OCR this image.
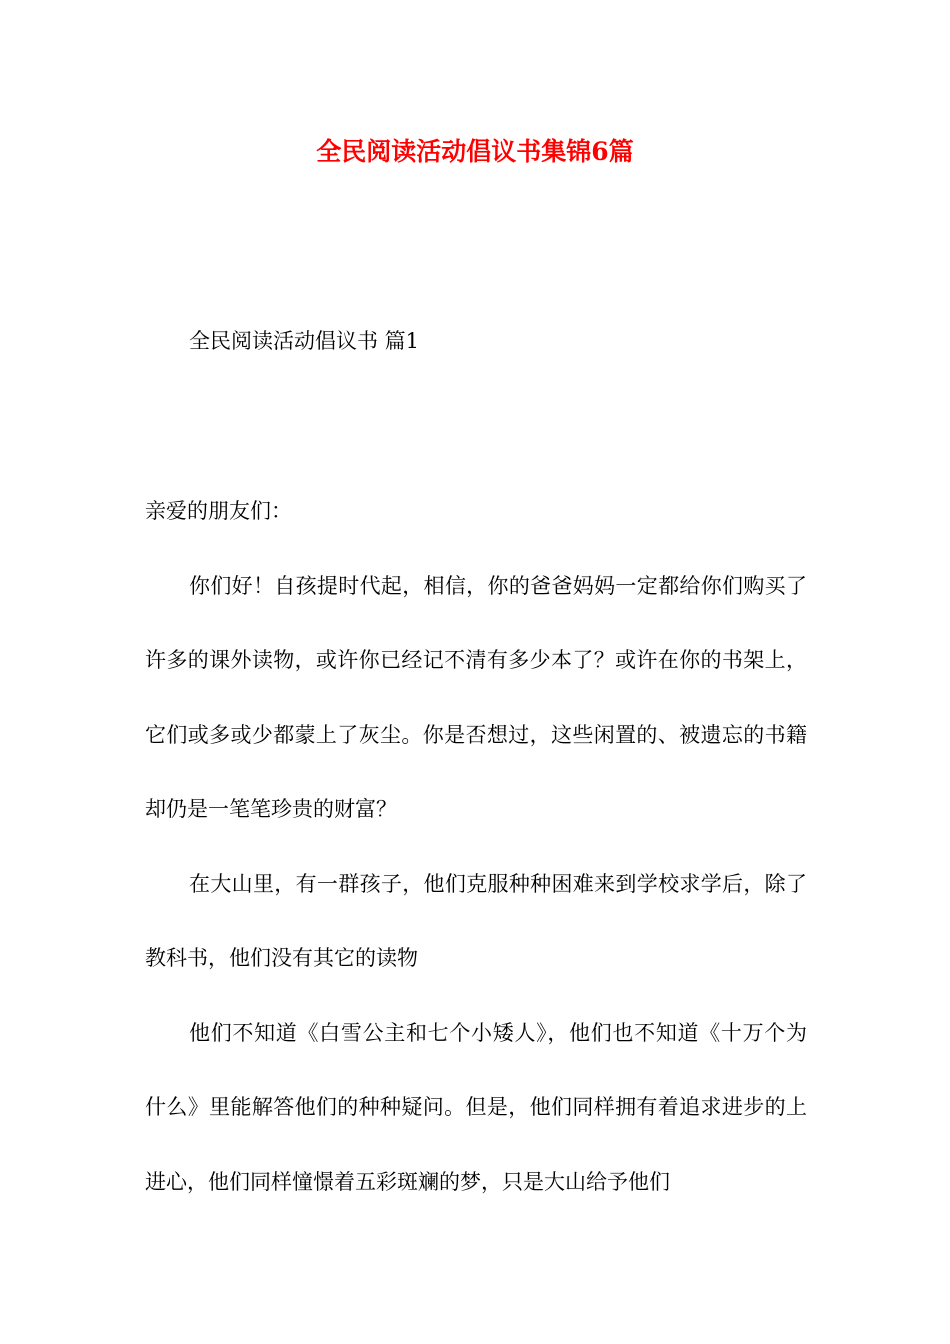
全民阅读活动倡议书集锦6篇
全民阅读活动倡议书 篇1

亲爱的朋友们：

你们好！自孩提时代起，相信，你的爸爸妈妈一定都给你们购买了许多的课外读物，或许你已经记不清有多少本了？或许在你的书架上，它们或多或少都蒙上了灰尘。你是否想过，这些闲置的、被遗忘的书籍却仍是一笔笔珍贵的财富？

在大山里，有一群孩子，他们克服种种困难来到学校求学后，除了教科书，他们没有其它的读物

他们不知道《白雪公主和七个小矮人》，他们也不知道《十万个为什么》里能解答他们的种种疑问。但是，他们同样拥有着追求进步的上进心，他们同样憧憬着五彩斑斓的梦，只是大山给予他们
